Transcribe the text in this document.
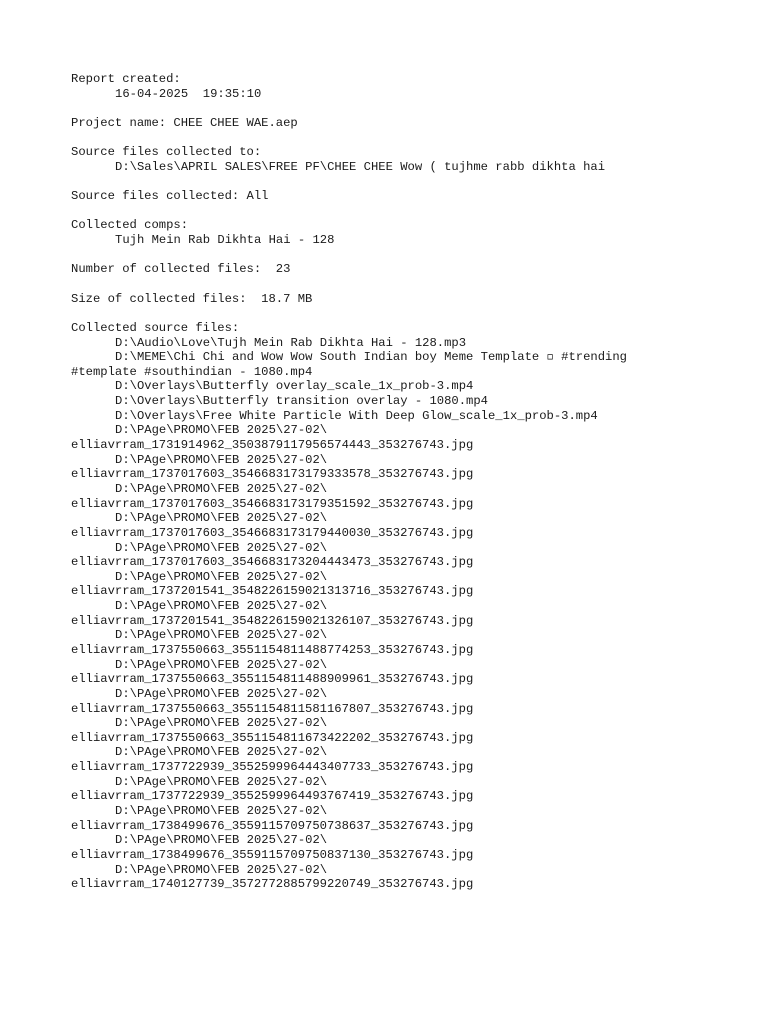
Report created:
16-04-2025  19:35:10
Project name: CHEE CHEE WAE.aep
Source files collected to:
D:\Sales\APRIL SALES\FREE PF\CHEE CHEE Wow ( tujhme rabb dikhta hai
Source files collected: All
Collected comps:
Tujh Mein Rab Dikhta Hai - 128
Number of collected files:  23
Size of collected files:  18.7 MB
Collected source files:
D:\Audio\Love\Tujh Mein Rab Dikhta Hai - 128.mp3
D:\MEME\Chi Chi and Wow Wow South Indian boy Meme Template ◽ #trending
#template #southindian - 1080.mp4
D:\Overlays\Butterfly overlay_scale_1x_prob-3.mp4
D:\Overlays\Butterfly transition overlay - 1080.mp4
D:\Overlays\Free White Particle With Deep Glow_scale_1x_prob-3.mp4
D:\PAge\PROMO\FEB 2025\27-02\
elliavrram_1731914962_3503879117956574443_353276743.jpg
D:\PAge\PROMO\FEB 2025\27-02\
elliavrram_1737017603_3546683173179333578_353276743.jpg
D:\PAge\PROMO\FEB 2025\27-02\
elliavrram_1737017603_3546683173179351592_353276743.jpg
D:\PAge\PROMO\FEB 2025\27-02\
elliavrram_1737017603_3546683173179440030_353276743.jpg
D:\PAge\PROMO\FEB 2025\27-02\
elliavrram_1737017603_3546683173204443473_353276743.jpg
D:\PAge\PROMO\FEB 2025\27-02\
elliavrram_1737201541_3548226159021313716_353276743.jpg
D:\PAge\PROMO\FEB 2025\27-02\
elliavrram_1737201541_3548226159021326107_353276743.jpg
D:\PAge\PROMO\FEB 2025\27-02\
elliavrram_1737550663_3551154811488774253_353276743.jpg
D:\PAge\PROMO\FEB 2025\27-02\
elliavrram_1737550663_3551154811488909961_353276743.jpg
D:\PAge\PROMO\FEB 2025\27-02\
elliavrram_1737550663_3551154811581167807_353276743.jpg
D:\PAge\PROMO\FEB 2025\27-02\
elliavrram_1737550663_3551154811673422202_353276743.jpg
D:\PAge\PROMO\FEB 2025\27-02\
elliavrram_1737722939_3552599964443407733_353276743.jpg
D:\PAge\PROMO\FEB 2025\27-02\
elliavrram_1737722939_3552599964493767419_353276743.jpg
D:\PAge\PROMO\FEB 2025\27-02\
elliavrram_1738499676_3559115709750738637_353276743.jpg
D:\PAge\PROMO\FEB 2025\27-02\
elliavrram_1738499676_3559115709750837130_353276743.jpg
D:\PAge\PROMO\FEB 2025\27-02\
elliavrram_1740127739_3572772885799220749_353276743.jpg
